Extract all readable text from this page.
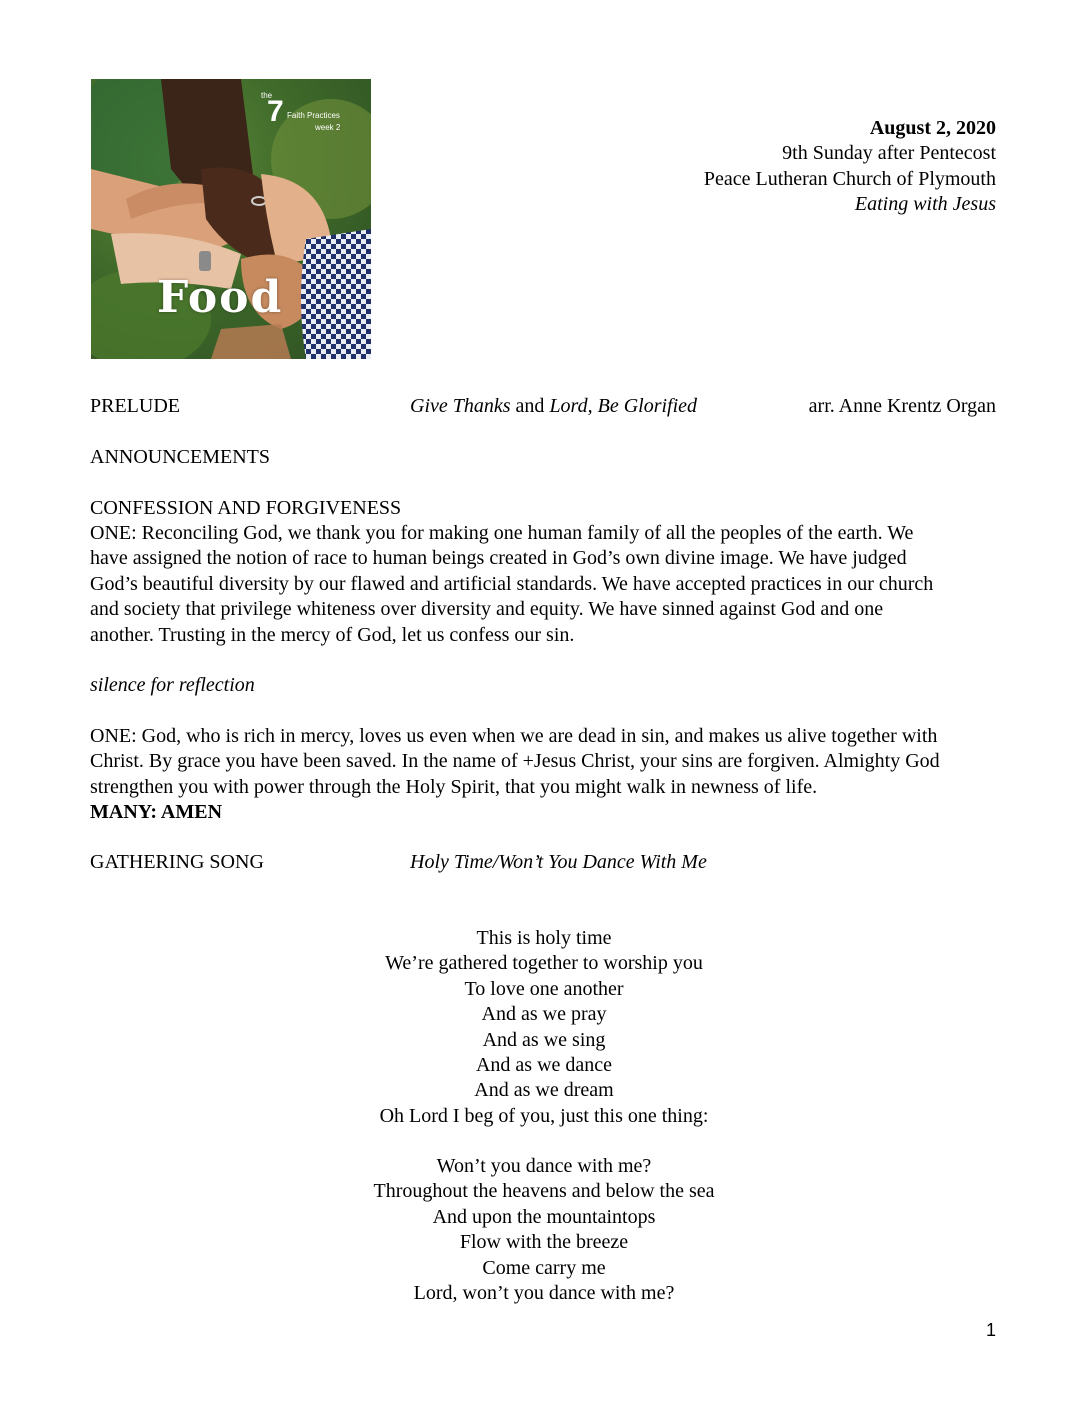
the
7 Faith Practices
week 2
Food
August 2, 2020
9th Sunday after Pentecost
Peace Lutheran Church of Plymouth
Eating with Jesus
PRELUDE	Give Thanks and Lord, Be Glorified	arr. Anne Krentz Organ
ANNOUNCEMENTS
CONFESSION AND FORGIVENESS
ONE: Reconciling God, we thank you for making one human family of all the peoples of the earth. We
have assigned the notion of race to human beings created in God’s own divine image. We have judged
God’s beautiful diversity by our flawed and artificial standards. We have accepted practices in our church
and society that privilege whiteness over diversity and equity. We have sinned against God and one
another. Trusting in the mercy of God, let us confess our sin.
silence for reflection
ONE: God, who is rich in mercy, loves us even when we are dead in sin, and makes us alive together with
Christ. By grace you have been saved. In the name of +Jesus Christ, your sins are forgiven. Almighty God
strengthen you with power through the Holy Spirit, that you might walk in newness of life.
MANY: AMEN
GATHERING SONG	Holy Time/Won’t You Dance With Me
This is holy time
We’re gathered together to worship you
To love one another
And as we pray
And as we sing
And as we dance
And as we dream
Oh Lord I beg of you, just this one thing:
Won’t you dance with me?
Throughout the heavens and below the sea
And upon the mountaintops
Flow with the breeze
Come carry me
Lord, won’t you dance with me?
1
